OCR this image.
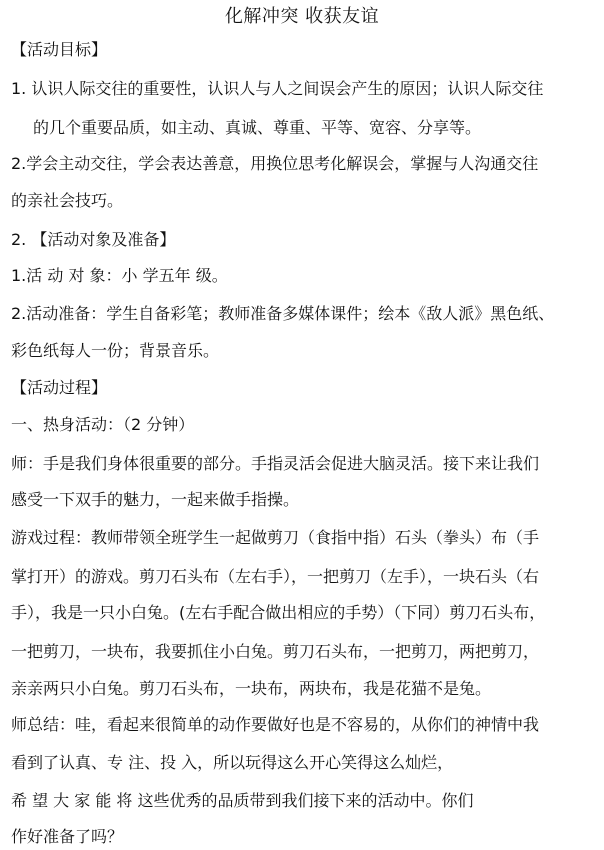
化解冲突 收获友谊
【活动目标】
1. 认识人际交往的重要性，认识人与人之间误会产生的原因；认识人际交往
的几个重要品质，如主动、真诚、尊重、平等、宽容、分享等。
2.学会主动交往，学会表达善意，用换位思考化解误会，掌握与人沟通交往
的亲社会技巧。
2. 【活动对象及准备】
1.活 动 对 象：小 学五年 级。
2.活动准备：学生自备彩笔；教师准备多媒体课件；绘本《敌人派》黑色纸、
彩色纸每人一份；背景音乐。
【活动过程】
一、热身活动：（2 分钟）
师：手是我们身体很重要的部分。手指灵活会促进大脑灵活。接下来让我们
感受一下双手的魅力，一起来做手指操。
游戏过程：教师带领全班学生一起做剪刀（食指中指）石头（拳头）布（手
掌打开）的游戏。剪刀石头布（左右手），一把剪刀（左手），一块石头（右
手），我是一只小白兔。(左右手配合做出相应的手势）（下同）剪刀石头布，
一把剪刀，一块布，我要抓住小白兔。剪刀石头布，一把剪刀，两把剪刀，
亲亲两只小白兔。剪刀石头布，一块布，两块布，我是花猫不是兔。
师总结：哇，看起来很简单的动作要做好也是不容易的，从你们的神情中我
看到了认真、专 注、投 入，所以玩得这么开心笑得这么灿烂，
希 望 大 家 能 将 这些优秀的品质带到我们接下来的活动中。你们
作好准备了吗？
